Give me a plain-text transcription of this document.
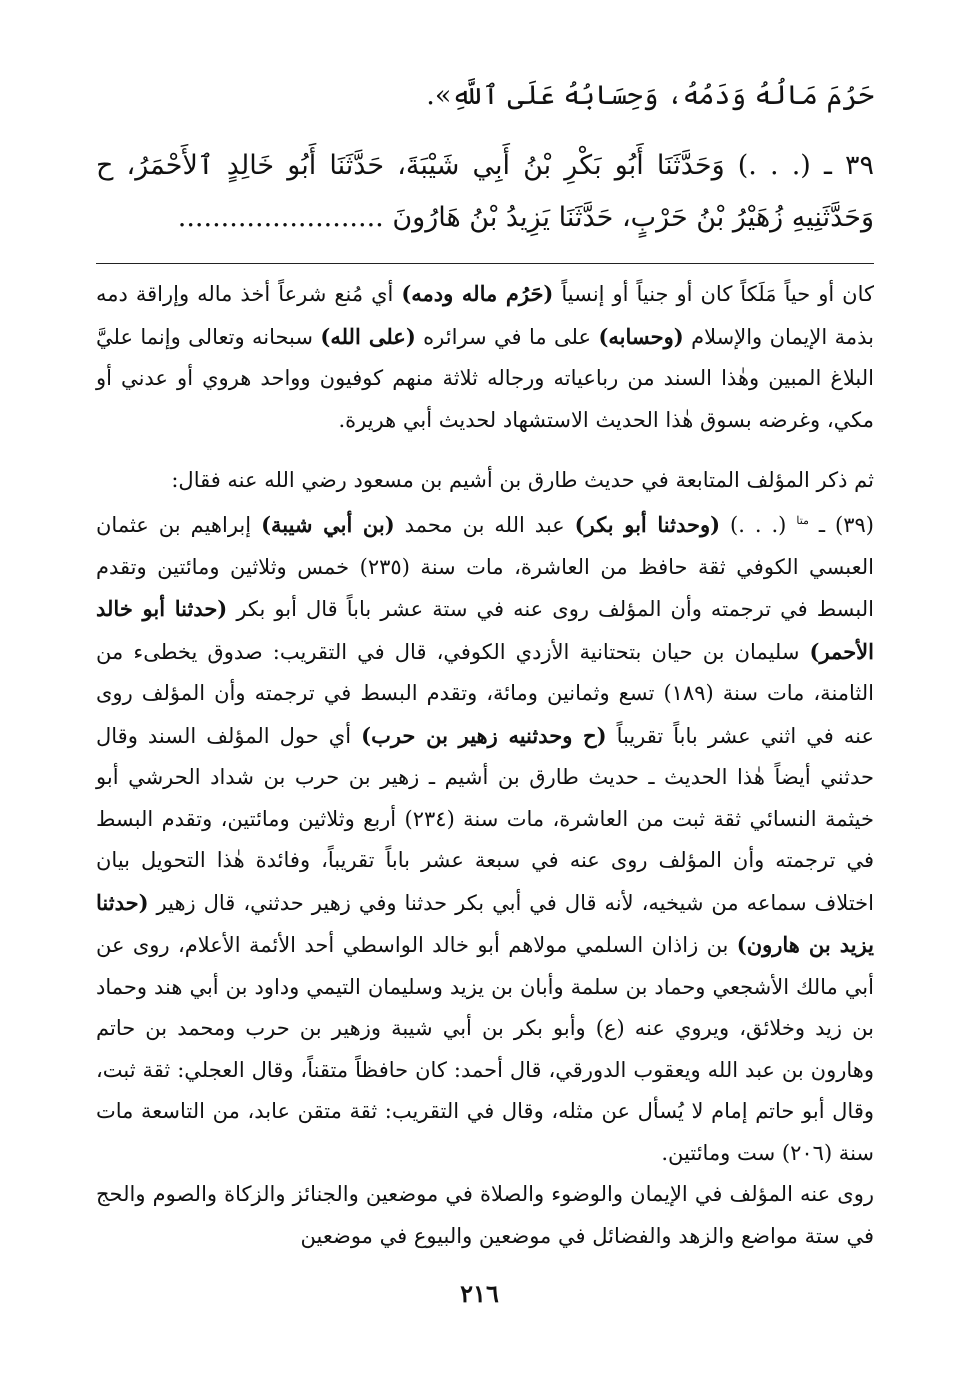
حَرُمَ مَالُهُ وَدَمُهُ، وَحِسَابُهُ عَلَى ٱللَّهِ».
٣٩ ـ (. . .) وَحَدَّثَنَا أَبُو بَكْرِ بْنُ أَبِي شَيْبَةَ، حَدَّثَنَا أَبُو خَالِدٍ ٱلأَحْمَرُ، ح وَحَدَّثَنِيهِ زُهَيْرُ بْنُ حَرْبٍ، حَدَّثَنَا يَزِيدُ بْنُ هَارُونَ ........................
كان أو حياً مَلَكاً كان أو جنياً أو إنسياً (حَرُم ماله ودمه) أي مُنع شرعاً أخذ ماله وإراقة دمه بذمة الإيمان والإسلام (وحسابه) على ما في سرائره (على الله) سبحانه وتعالى وإنما عليَّ البلاغ المبين وهٰذا السند من رباعياته ورجاله ثلاثة منهم كوفيون وواحد هروي أو عدني أو مكي، وغرضه بسوق هٰذا الحديث الاستشهاد لحديث أبي هريرة.
ثم ذكر المؤلف المتابعة في حديث طارق بن أشيم بن مسعود رضي الله عنه فقال:
(٣٩) ـ $^{متا}$ (. . .) (وحدثنا أبو بكر) عبد الله بن محمد (بن أبي شيبة) إبراهيم بن عثمان العبسي الكوفي ثقة حافظ من العاشرة، مات سنة (٢٣٥) خمس وثلاثين ومائتين وتقدم البسط في ترجمته وأن المؤلف روى عنه في ستة عشر باباً قال أبو بكر (حدثنا أبو خالد الأحمر) سليمان بن حيان بتحتانية الأزدي الكوفي، قال في التقريب: صدوق يخطىء من الثامنة، مات سنة (١٨٩) تسع وثمانين ومائة، وتقدم البسط في ترجمته وأن المؤلف روى عنه في اثني عشر باباً تقريباً (ح وحدثنيه زهير بن حرب) أي حول المؤلف السند وقال حدثني أيضاً هٰذا الحديث ـ حديث طارق بن أشيم ـ زهير بن حرب بن شداد الحرشي أبو خيثمة النسائي ثقة ثبت من العاشرة، مات سنة (٢٣٤) أربع وثلاثين ومائتين، وتقدم البسط في ترجمته وأن المؤلف روى عنه في سبعة عشر باباً تقريباً، وفائدة هٰذا التحويل بيان اختلاف سماعه من شيخيه، لأنه قال في أبي بكر حدثنا وفي زهير حدثني، قال زهير (حدثنا يزيد بن هارون) بن زاذان السلمي مولاهم أبو خالد الواسطي أحد الأئمة الأعلام، روى عن أبي مالك الأشجعي وحماد بن سلمة وأبان بن يزيد وسليمان التيمي وداود بن أبي هند وحماد بن زيد وخلائق، ويروي عنه (ع) وأبو بكر بن أبي شيبة وزهير بن حرب ومحمد بن حاتم وهارون بن عبد الله ويعقوب الدورقي، قال أحمد: كان حافظاً متقناً، وقال العجلي: ثقة ثبت، وقال أبو حاتم إمام لا يُسأل عن مثله، وقال في التقريب: ثقة متقن عابد، من التاسعة مات سنة (٢٠٦) ست ومائتين.
روى عنه المؤلف في الإيمان والوضوء والصلاة في موضعين والجنائز والزكاة والصوم والحج في ستة مواضع والزهد والفضائل في موضعين والبيوع في موضعين
٢١٦
